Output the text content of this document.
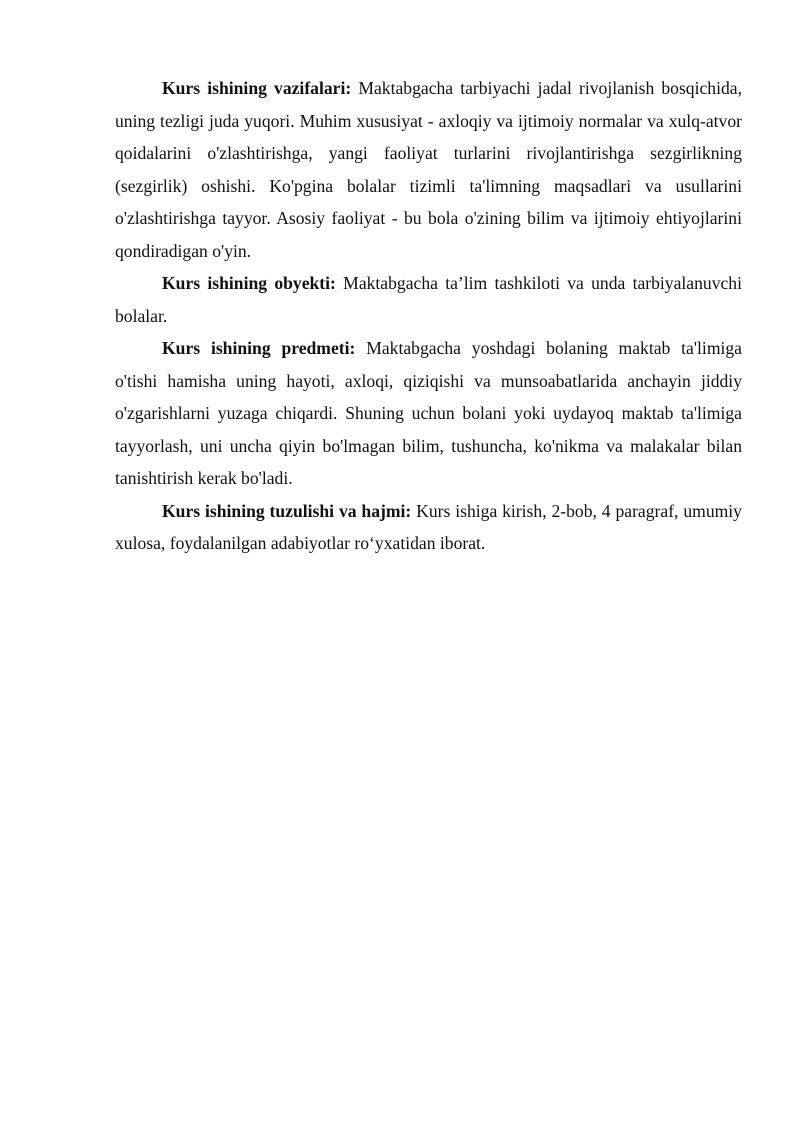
Kurs ishining vazifalari: Maktabgacha tarbiyachi jadal rivojlanish bosqichida, uning tezligi juda yuqori. Muhim xususiyat - axloqiy va ijtimoiy normalar va xulq-atvor qoidalarini o'zlashtirishga, yangi faoliyat turlarini rivojlantirishga sezgirlikning (sezgirlik) oshishi. Ko'pgina bolalar tizimli ta'limning maqsadlari va usullarini o'zlashtirishga tayyor. Asosiy faoliyat - bu bola o'zining bilim va ijtimoiy ehtiyojlarini qondiradigan o'yin.

Kurs ishining obyekti: Maktabgacha ta’lim tashkiloti va unda tarbiyalanuvchi bolalar.

Kurs ishining predmeti: Maktabgacha yoshdagi bolaning maktab ta'limiga o'tishi hamisha uning hayoti, axloqi, qiziqishi va munsoabatlarida anchayin jiddiy o'zgarishlarni yuzaga chiqardi. Shuning uchun bolani yoki uydayoq maktab ta'limiga tayyorlash, uni uncha qiyin bo'lmagan bilim, tushuncha, ko'nikma va malakalar bilan tanishtirish kerak bo'ladi.

Kurs ishining tuzulishi va hajmi: Kurs ishiga kirish, 2-bob, 4 paragraf, umumiy xulosa, foydalanilgan adabiyotlar ro‘yxatidan iborat.
